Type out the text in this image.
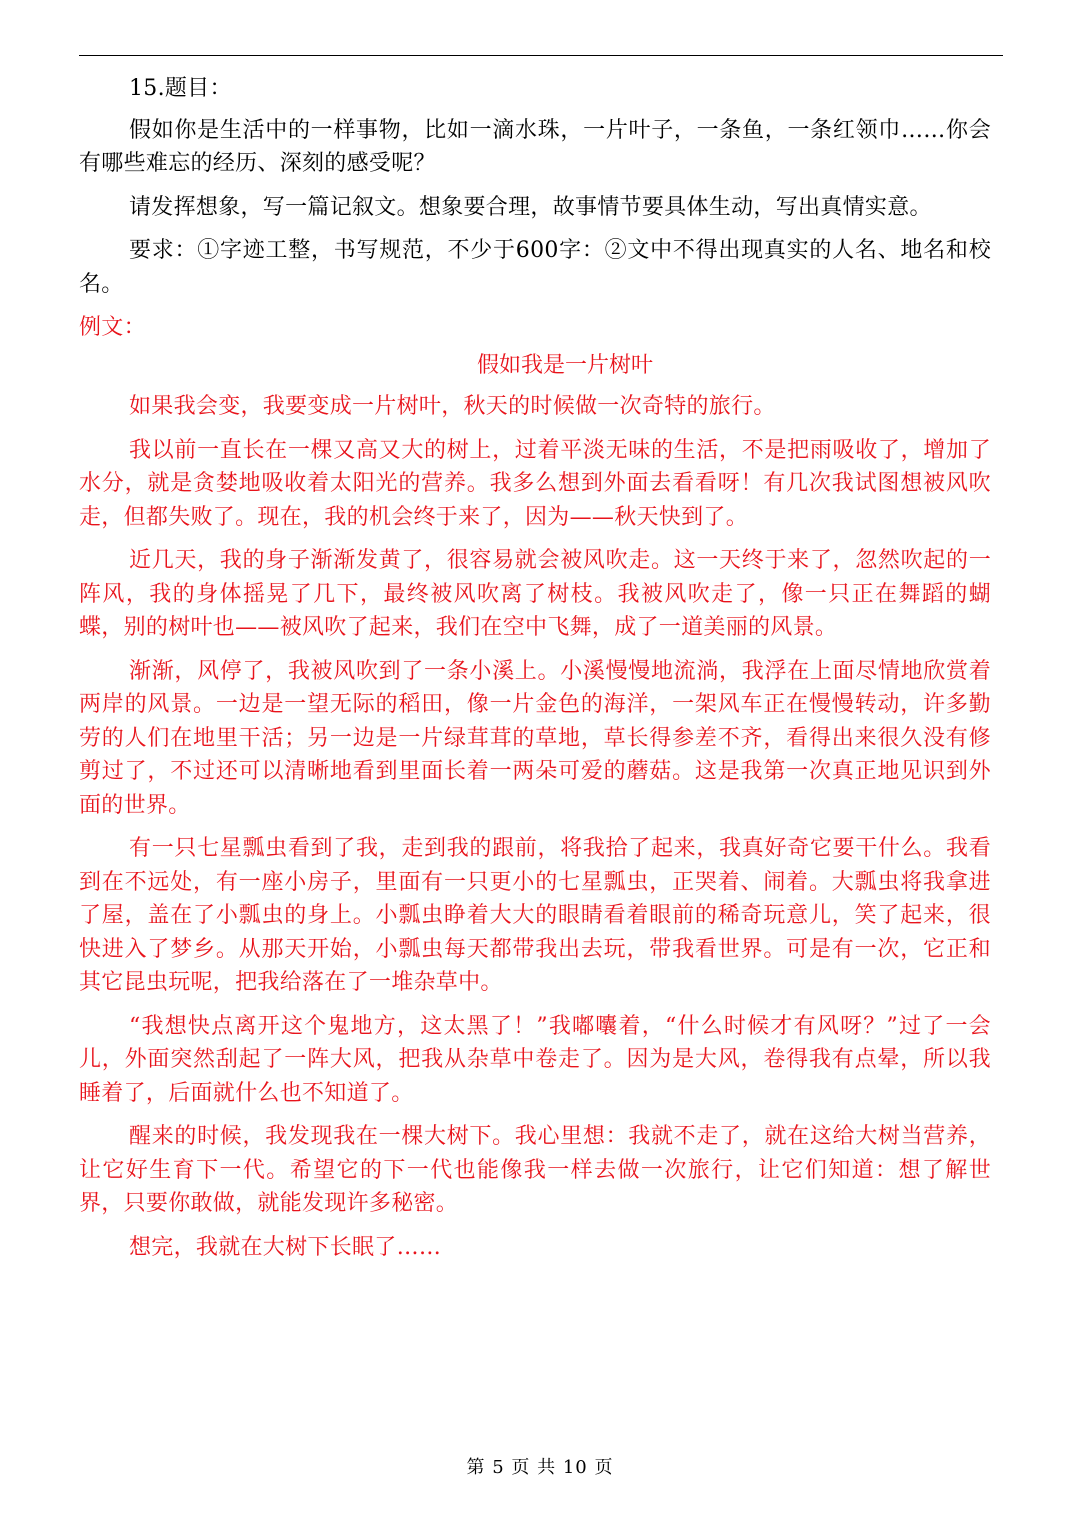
15.题目：

假如你是生活中的一样事物，比如一滴水珠，一片叶子，一条鱼，一条红领巾……你会有哪些难忘的经历、深刻的感受呢？

请发挥想象，写一篇记叙文。想象要合理，故事情节要具体生动，写出真情实意。

要求：①字迹工整，书写规范，不少于600字：②文中不得出现真实的人名、地名和校名。

例文：

假如我是一片树叶

如果我会变，我要变成一片树叶，秋天的时候做一次奇特的旅行。

我以前一直长在一棵又高又大的树上，过着平淡无味的生活，不是把雨吸收了，增加了水分，就是贪婪地吸收着太阳光的营养。我多么想到外面去看看呀！有几次我试图想被风吹走，但都失败了。现在，我的机会终于来了，因为——秋天快到了。

近几天，我的身子渐渐发黄了，很容易就会被风吹走。这一天终于来了，忽然吹起的一阵风，我的身体摇晃了几下，最终被风吹离了树枝。我被风吹走了，像一只正在舞蹈的蝴蝶，别的树叶也——被风吹了起来，我们在空中飞舞，成了一道美丽的风景。

渐渐，风停了，我被风吹到了一条小溪上。小溪慢慢地流淌，我浮在上面尽情地欣赏着两岸的风景。一边是一望无际的稻田，像一片金色的海洋，一架风车正在慢慢转动，许多勤劳的人们在地里干活；另一边是一片绿茸茸的草地，草长得参差不齐，看得出来很久没有修剪过了，不过还可以清晰地看到里面长着一两朵可爱的蘑菇。这是我第一次真正地见识到外面的世界。

有一只七星瓢虫看到了我，走到我的跟前，将我拾了起来，我真好奇它要干什么。我看到在不远处，有一座小房子，里面有一只更小的七星瓢虫，正哭着、闹着。大瓢虫将我拿进了屋，盖在了小瓢虫的身上。小瓢虫睁着大大的眼睛看着眼前的稀奇玩意儿，笑了起来，很快进入了梦乡。从那天开始，小瓢虫每天都带我出去玩，带我看世界。可是有一次，它正和其它昆虫玩呢，把我给落在了一堆杂草中。

“我想快点离开这个鬼地方，这太黑了！”我嘟囔着，“什么时候才有风呀？”过了一会儿，外面突然刮起了一阵大风，把我从杂草中卷走了。因为是大风，卷得我有点晕，所以我睡着了，后面就什么也不知道了。

醒来的时候，我发现我在一棵大树下。我心里想：我就不走了，就在这给大树当营养，让它好生育下一代。希望它的下一代也能像我一样去做一次旅行，让它们知道：想了解世界，只要你敢做，就能发现许多秘密。

想完，我就在大树下长眠了……

第 5 页 共 10 页
